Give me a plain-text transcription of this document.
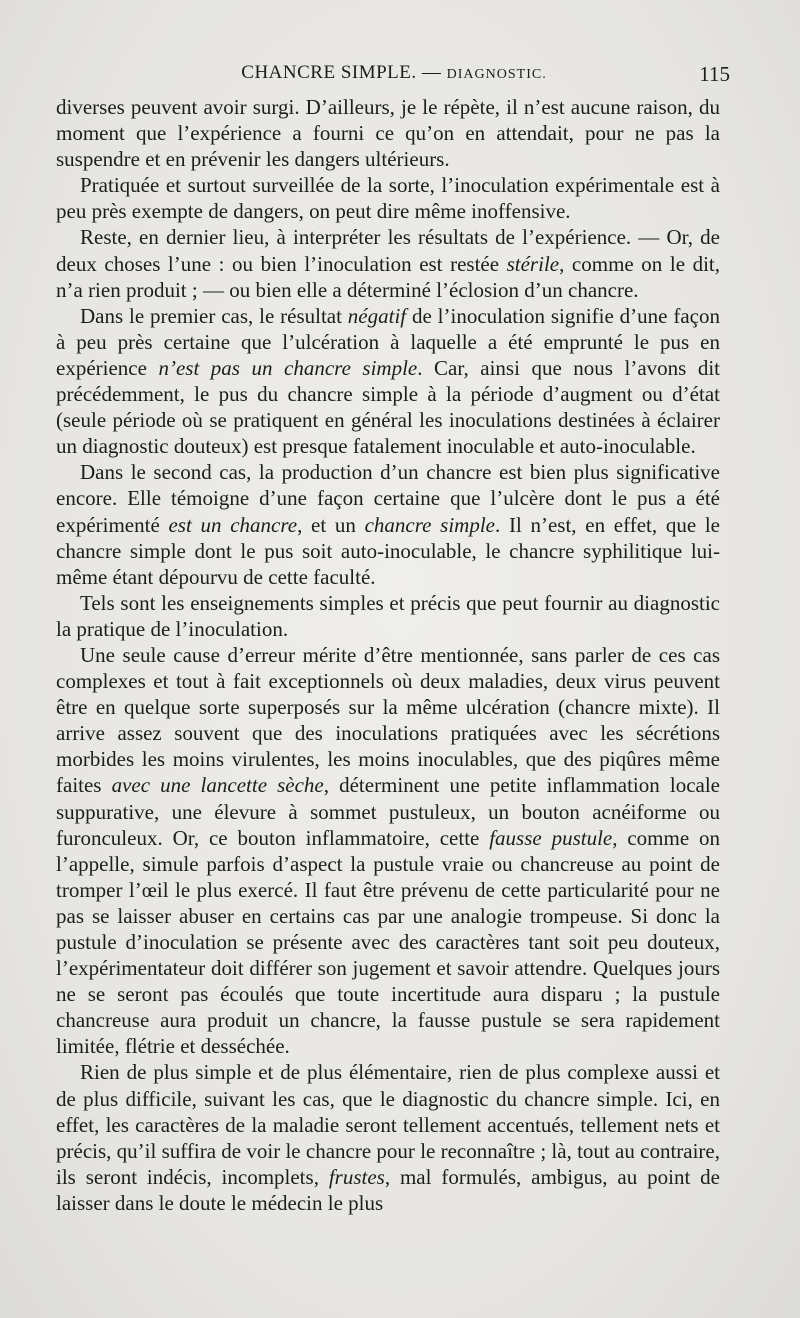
CHANCRE SIMPLE. — DIAGNOSTIC.	115

diverses peuvent avoir surgi. D’ailleurs, je le répète, il n’est aucune raison, du moment que l’expérience a fourni ce qu’on en attendait, pour ne pas la suspendre et en prévenir les dangers ultérieurs.

Pratiquée et surtout surveillée de la sorte, l’inoculation expérimentale est à peu près exempte de dangers, on peut dire même inoffensive.

Reste, en dernier lieu, à interpréter les résultats de l’expérience. — Or, de deux choses l’une : ou bien l’inoculation est restée stérile, comme on le dit, n’a rien produit ; — ou bien elle a déterminé l’éclosion d’un chancre.

Dans le premier cas, le résultat négatif de l’inoculation signifie d’une façon à peu près certaine que l’ulcération à laquelle a été emprunté le pus en expérience n’est pas un chancre simple. Car, ainsi que nous l’avons dit précédemment, le pus du chancre simple à la période d’augment ou d’état (seule période où se pratiquent en général les inoculations destinées à éclairer un diagnostic douteux) est presque fatalement inoculable et auto-inoculable.

Dans le second cas, la production d’un chancre est bien plus significative encore. Elle témoigne d’une façon certaine que l’ulcère dont le pus a été expérimenté est un chancre, et un chancre simple. Il n’est, en effet, que le chancre simple dont le pus soit auto-inoculable, le chancre syphilitique lui-même étant dépourvu de cette faculté.

Tels sont les enseignements simples et précis que peut fournir au diagnostic la pratique de l’inoculation.

Une seule cause d’erreur mérite d’être mentionnée, sans parler de ces cas complexes et tout à fait exceptionnels où deux maladies, deux virus peuvent être en quelque sorte superposés sur la même ulcération (chancre mixte). Il arrive assez souvent que des inoculations pratiquées avec les sécrétions morbides les moins virulentes, les moins inoculables, que des piqûres même faites avec une lancette sèche, déterminent une petite inflammation locale suppurative, une élevure à sommet pustuleux, un bouton acnéiforme ou furonculeux. Or, ce bouton inflammatoire, cette fausse pustule, comme on l’appelle, simule parfois d’aspect la pustule vraie ou chancreuse au point de tromper l’œil le plus exercé. Il faut être prévenu de cette particularité pour ne pas se laisser abuser en certains cas par une analogie trompeuse. Si donc la pustule d’inoculation se présente avec des caractères tant soit peu douteux, l’expérimentateur doit différer son jugement et savoir attendre. Quelques jours ne se seront pas écoulés que toute incertitude aura disparu ; la pustule chancreuse aura produit un chancre, la fausse pustule se sera rapidement limitée, flétrie et desséchée.

Rien de plus simple et de plus élémentaire, rien de plus complexe aussi et de plus difficile, suivant les cas, que le diagnostic du chancre simple. Ici, en effet, les caractères de la maladie seront tellement accentués, tellement nets et précis, qu’il suffira de voir le chancre pour le reconnaître ; là, tout au contraire, ils seront indécis, incomplets, frustes, mal formulés, ambigus, au point de laisser dans le doute le médecin le plus
